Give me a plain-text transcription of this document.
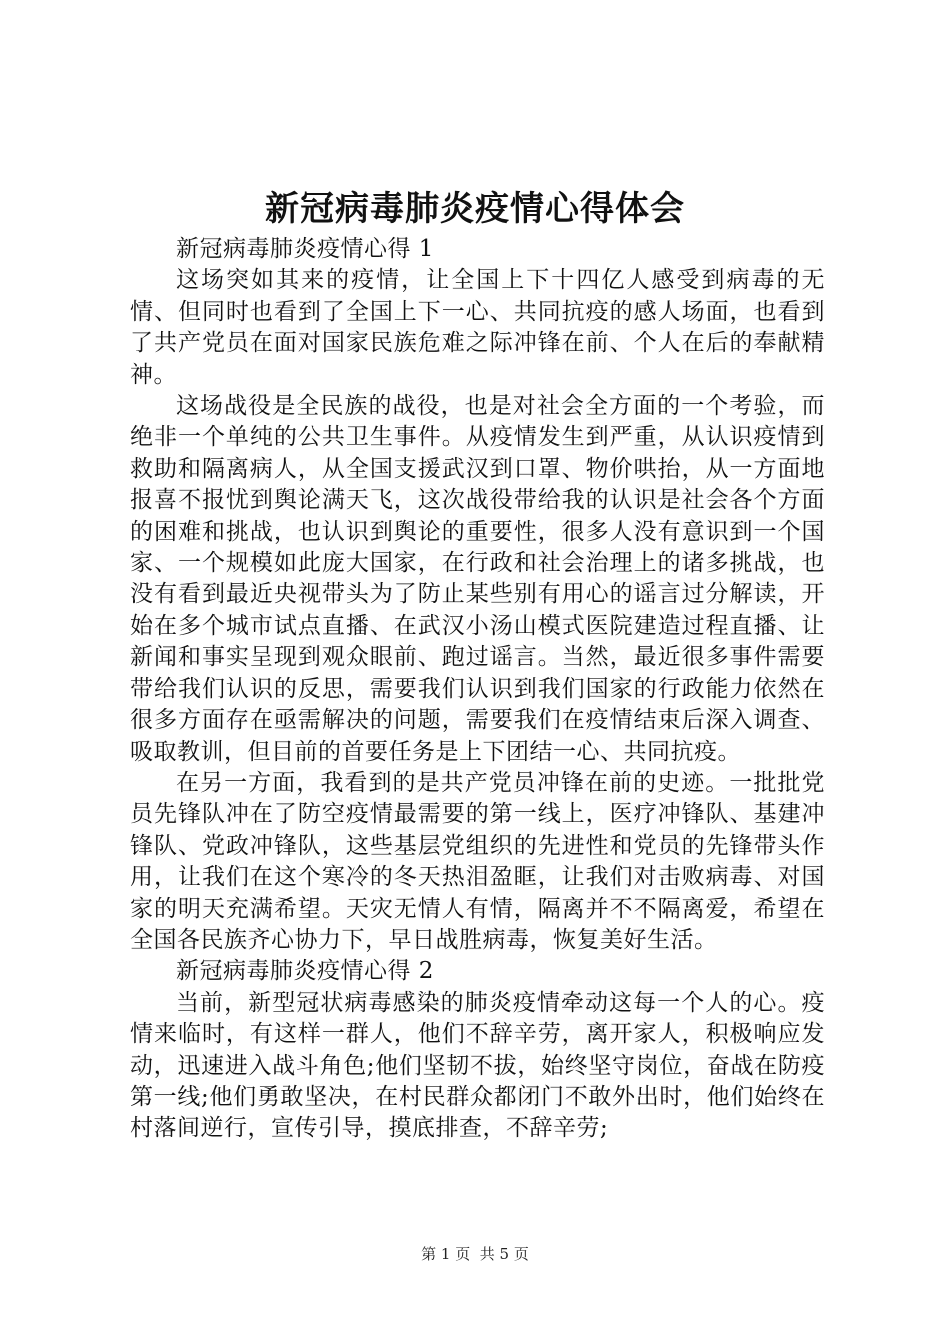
新冠病毒肺炎疫情心得体会

新冠病毒肺炎疫情心得 1

这场突如其来的疫情，让全国上下十四亿人感受到病毒的无情、但同时也看到了全国上下一心、共同抗疫的感人场面，也看到了共产党员在面对国家民族危难之际冲锋在前、个人在后的奉献精神。

这场战役是全民族的战役，也是对社会全方面的一个考验，而绝非一个单纯的公共卫生事件。从疫情发生到严重，从认识疫情到救助和隔离病人，从全国支援武汉到口罩、物价哄抬，从一方面地报喜不报忧到舆论满天飞，这次战役带给我的认识是社会各个方面的困难和挑战，也认识到舆论的重要性，很多人没有意识到一个国家、一个规模如此庞大国家，在行政和社会治理上的诸多挑战，也没有看到最近央视带头为了防止某些别有用心的谣言过分解读，开始在多个城市试点直播、在武汉小汤山模式医院建造过程直播、让新闻和事实呈现到观众眼前、跑过谣言。当然，最近很多事件需要带给我们认识的反思，需要我们认识到我们国家的行政能力依然在很多方面存在亟需解决的问题，需要我们在疫情结束后深入调查、吸取教训，但目前的首要任务是上下团结一心、共同抗疫。

在另一方面，我看到的是共产党员冲锋在前的史迹。一批批党员先锋队冲在了防空疫情最需要的第一线上，医疗冲锋队、基建冲锋队、党政冲锋队，这些基层党组织的先进性和党员的先锋带头作用，让我们在这个寒冷的冬天热泪盈眶，让我们对击败病毒、对国家的明天充满希望。天灾无情人有情，隔离并不不隔离爱，希望在全国各民族齐心协力下，早日战胜病毒，恢复美好生活。

新冠病毒肺炎疫情心得 2

当前，新型冠状病毒感染的肺炎疫情牵动这每一个人的心。疫情来临时，有这样一群人，他们不辞辛劳，离开家人，积极响应发动，迅速进入战斗角色;他们坚韧不拔，始终坚守岗位，奋战在防疫第一线;他们勇敢坚决，在村民群众都闭门不敢外出时，他们始终在村落间逆行，宣传引导，摸底排查，不辞辛劳;

第 1 页  共 5 页
